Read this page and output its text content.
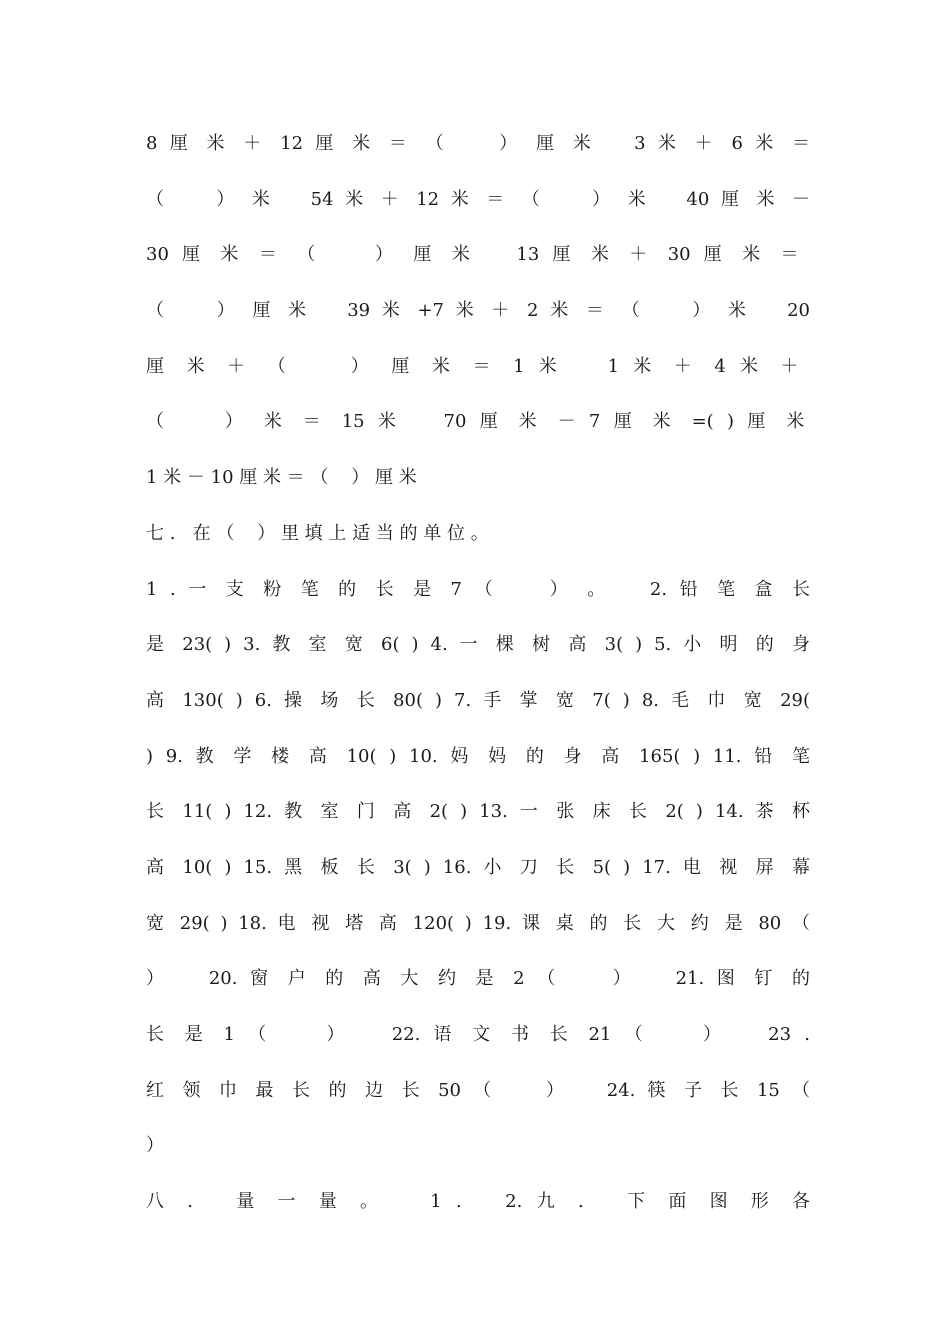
8 厘 米 ＋ 12 厘 米 ＝ （    ） 厘 米   3 米 ＋ 6 米 ＝
（    ） 米   54 米 ＋ 12 米 ＝ （    ） 米   40 厘 米 －
30 厘 米 ＝ （    ） 厘 米   13 厘 米 ＋ 30 厘 米 ＝
（    ） 厘 米   39 米 +7 米 ＋ 2 米 ＝ （    ） 米   20
厘 米 ＋ （    ） 厘 米 ＝ 1 米   1 米 ＋ 4 米 ＋
（    ） 米 ＝ 15 米   70 厘 米 － 7 厘 米 =( ) 厘 米
1 米 － 10 厘 米 ＝ （    ） 厘 米
七 .   在 （    ） 里 填 上 适 当 的 单 位 。
1 . 一 支 粉 笔 的 长 是 7 （    ） 。   2. 铅 笔 盒 长
是 23( ) 3. 教 室 宽 6( ) 4. 一 棵 树 高 3( ) 5. 小 明 的 身
高 130( ) 6. 操 场 长 80( ) 7. 手 掌 宽 7( ) 8. 毛 巾 宽 29(
) 9. 教 学 楼 高 10( ) 10. 妈 妈 的 身 高 165( ) 11. 铅 笔
长 11( ) 12. 教 室 门 高 2( ) 13. 一 张 床 长 2( ) 14. 茶 杯
高 10( ) 15. 黑 板 长 3( ) 16. 小 刀 长 5( ) 17. 电 视 屏 幕
宽 29( ) 18. 电 视 塔 高 120( ) 19. 课 桌 的 长 大 约 是 80 （
）   20. 窗 户 的 高 大 约 是 2 （    ）   21. 图 钉 的
长 是 1 （    ）   22. 语 文 书 长 21 （    ）   23 .
红 领 巾 最 长 的 边 长 50 （    ）   24. 筷 子 长 15 （
）
八 .   量 一 量 。   1 .   2. 九 .   下 面 图 形 各
